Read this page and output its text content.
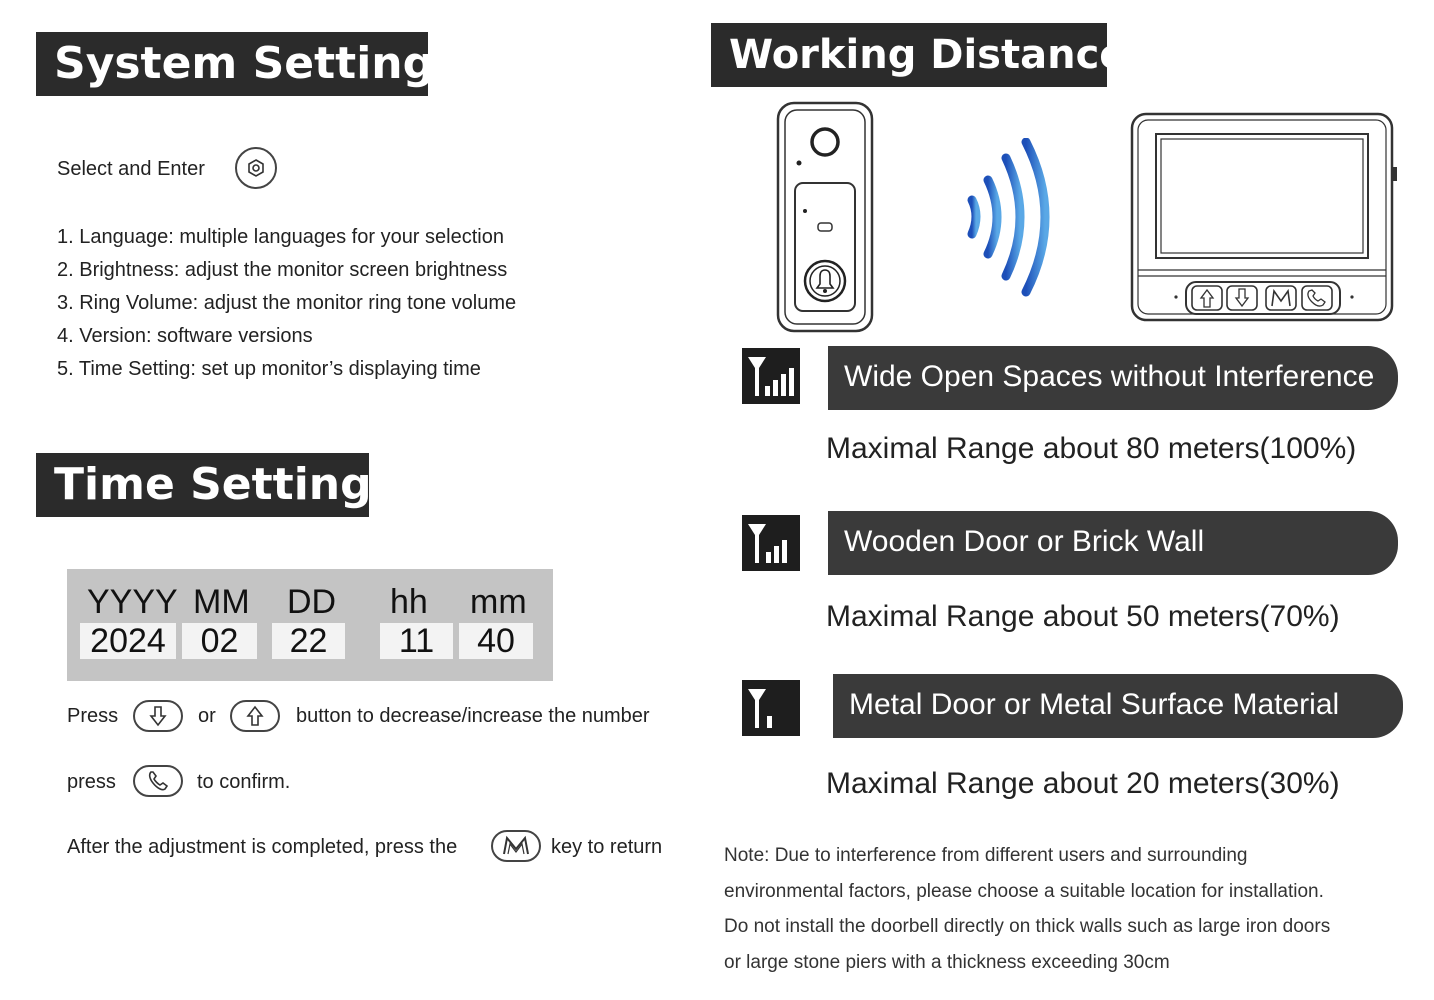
System Setting
Select and Enter
1. Language: multiple languages for your selection
2. Brightness: adjust the monitor screen brightness
3. Ring Volume: adjust the monitor ring tone volume
4. Version: software versions
5. Time Setting: set up monitor’s displaying time
Time Setting
YYYY MM DD hh mm
2024	02	22	11	40
Press	or	button to decrease/increase the number
press	to confirm.
After the adjustment is completed, press the	key to return
Working Distance
Wide Open Spaces without Interference
Maximal Range about 80 meters(100%)
Wooden Door or Brick Wall
Maximal Range about 50 meters(70%)
Metal Door or Metal Surface Material
Maximal Range about 20 meters(30%)
Note: Due to interference from different users and surrounding
environmental factors, please choose a suitable location for installation.
Do not install the doorbell directly on thick walls such as large iron doors
or large stone piers with a thickness exceeding 30cm
